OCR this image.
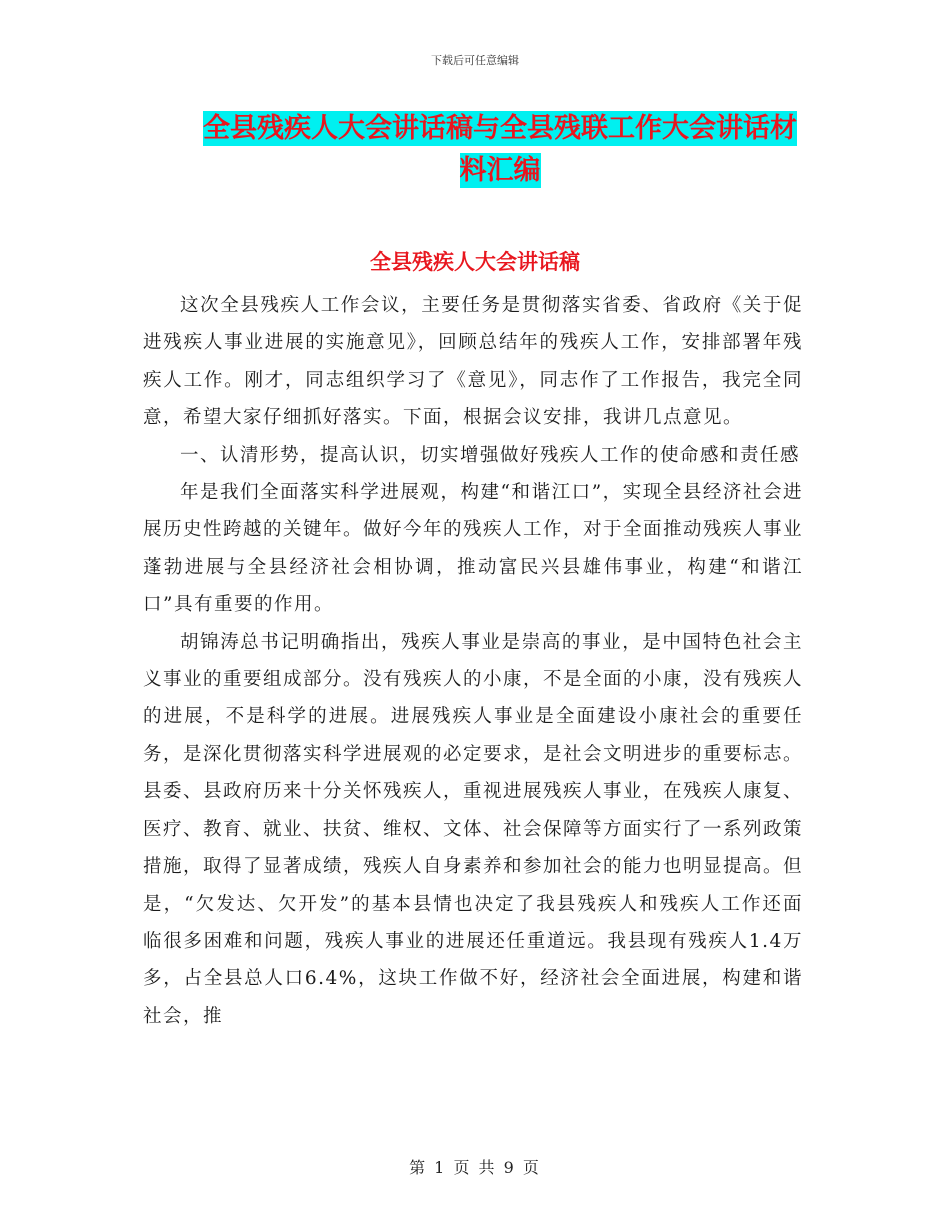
下载后可任意编辑
全县残疾人大会讲话稿与全县残联工作大会讲话材料汇编
全县残疾人大会讲话稿

这次全县残疾人工作会议，主要任务是贯彻落实省委、省政府《关于促进残疾人事业进展的实施意见》，回顾总结年的残疾人工作，安排部署年残疾人工作。刚才，同志组织学习了《意见》，同志作了工作报告，我完全同意，希望大家仔细抓好落实。下面，根据会议安排，我讲几点意见。

一、认清形势，提高认识，切实增强做好残疾人工作的使命感和责任感

年是我们全面落实科学进展观，构建“和谐江口”，实现全县经济社会进展历史性跨越的关键年。做好今年的残疾人工作，对于全面推动残疾人事业蓬勃进展与全县经济社会相协调，推动富民兴县雄伟事业，构建“和谐江口”具有重要的作用。

胡锦涛总书记明确指出，残疾人事业是崇高的事业，是中国特色社会主义事业的重要组成部分。没有残疾人的小康，不是全面的小康，没有残疾人的进展，不是科学的进展。进展残疾人事业是全面建设小康社会的重要任务，是深化贯彻落实科学进展观的必定要求，是社会文明进步的重要标志。县委、县政府历来十分关怀残疾人，重视进展残疾人事业，在残疾人康复、医疗、教育、就业、扶贫、维权、文体、社会保障等方面实行了一系列政策措施，取得了显著成绩，残疾人自身素养和参加社会的能力也明显提高。但是，“欠发达、欠开发”的基本县情也决定了我县残疾人和残疾人工作还面临很多困难和问题，残疾人事业的进展还任重道远。我县现有残疾人1.4万多，占全县总人口6.4%，这块工作做不好，经济社会全面进展，构建和谐社会，推

第 1 页 共 9 页
